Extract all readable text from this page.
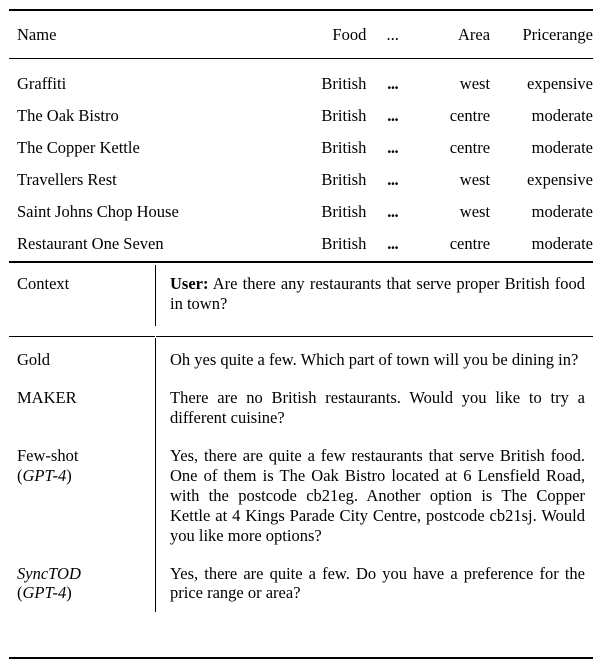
Name	Food	...	Area	Pricerange
Graffiti	British	...	west	expensive
The Oak Bistro	British	...	centre	moderate
The Copper Kettle	British	...	centre	moderate
Travellers Rest	British	...	west	expensive
Saint Johns Chop House	British	...	west	moderate
Restaurant One Seven	British	...	centre	moderate
Context		User: Are there any restaurants that serve proper British food in town?

Gold		Oh yes quite a few. Which part of town will you be dining in?
MAKER		There are no British restaurants. Would you like to try a different cuisine?
Few-shot
(GPT-4)		Yes, there are quite a few restaurants that serve British food. One of them is The Oak Bistro located at 6 Lensfield Road, with the postcode cb21eg. Another option is The Copper Kettle at 4 Kings Parade City Centre, postcode cb21sj. Would you like more options?
SyncTOD
(GPT-4)		Yes, there are quite a few. Do you have a preference for the price range or area?
